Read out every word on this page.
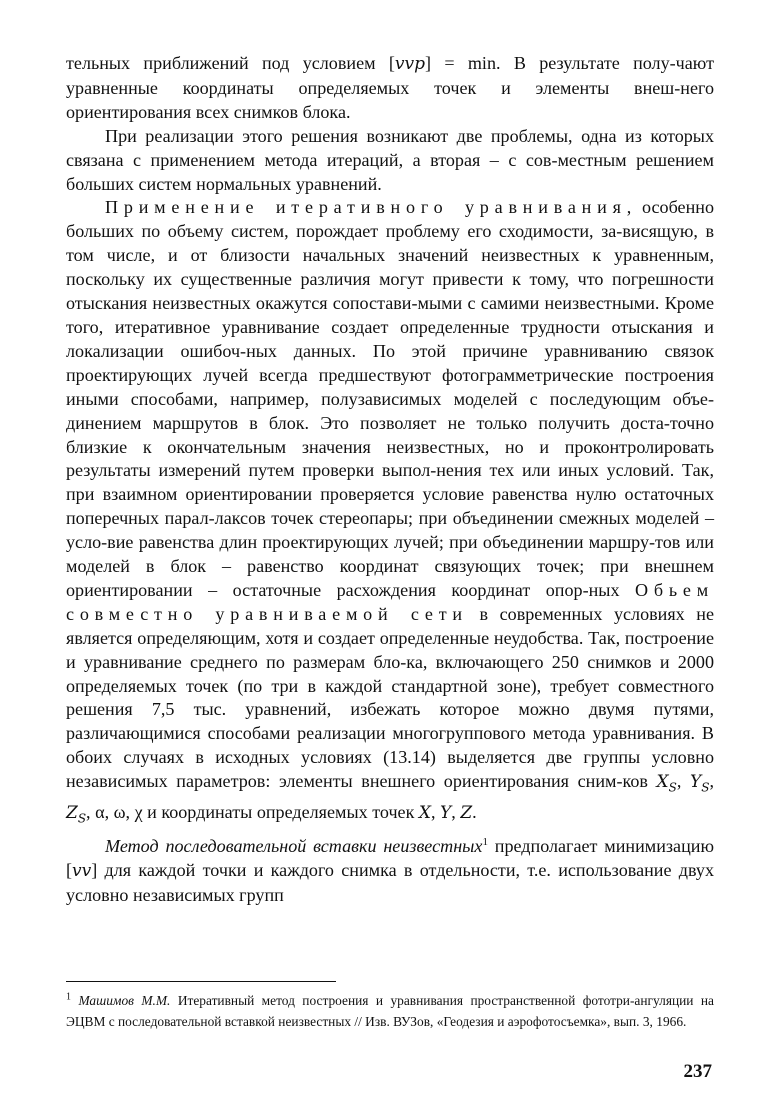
тельных приближений под условием [vvp] = min. В результате полу-чают уравненные координаты определяемых точек и элементы внеш-него ориентирования всех снимков блока.

При реализации этого решения возникают две проблемы, одна из которых связана с применением метода итераций, а вторая – с сов-местным решением больших систем нормальных уравнений.

Применение итеративного уравнивания, особенно больших по объему систем, порождает проблему его сходимости, за-висящую, в том числе, и от близости начальных значений неизвестных к уравненным, поскольку их существенные различия могут привести к тому, что погрешности отыскания неизвестных окажутся сопостави-мыми с самими неизвестными. Кроме того, итеративное уравнивание создает определенные трудности отыскания и локализации ошибоч-ных данных. По этой причине уравниванию связок проектирующих лучей всегда предшествуют фотограмметрические построения иными способами, например, полузависимых моделей с последующим объе-динением маршрутов в блок. Это позволяет не только получить доста-точно близкие к окончательным значения неизвестных, но и проконтролировать результаты измерений путем проверки выпол-нения тех или иных условий. Так, при взаимном ориентировании проверяется условие равенства нулю остаточных поперечных парал-лаксов точек стереопары; при объединении смежных моделей – усло-вие равенства длин проектирующих лучей; при объединении маршру-тов или моделей в блок – равенство координат связующих точек; при внешнем ориентировании – остаточные расхождения координат опор-ных Обьем совместно уравниваемой сети в современных условиях не является определяющим, хотя и создает определенные неудобства. Так, построение и уравнивание среднего по размерам бло-ка, включающего 250 снимков и 2000 определяемых точек (по три в каждой стандартной зоне), требует совместного решения 7,5 тыс. уравнений, избежать которое можно двумя путями, различающимися способами реализации многогруппового метода уравнивания. В обоих случаях в исходных условиях (13.14) выделяется две группы условно независимых параметров: элементы внешнего ориентирования сним-ков $X_S$, $Y_S$, $Z_S$, α, ω, χ и координаты определяемых точек X, Y, Z.

Метод последовательной вставки неизвестных$^1$ предполагает минимизацию [vv] для каждой точки и каждого снимка в отдельности, т.е. использование двух условно независимых групп

$^1$ Машимов М.М. Итеративный метод построения и уравнивания пространственной фототри-ангуляции на ЭЦВМ с последовательной вставкой неизвестных // Изв. ВУЗов, «Геодезия и аэрофотосъемка», вып. 3, 1966.

237
